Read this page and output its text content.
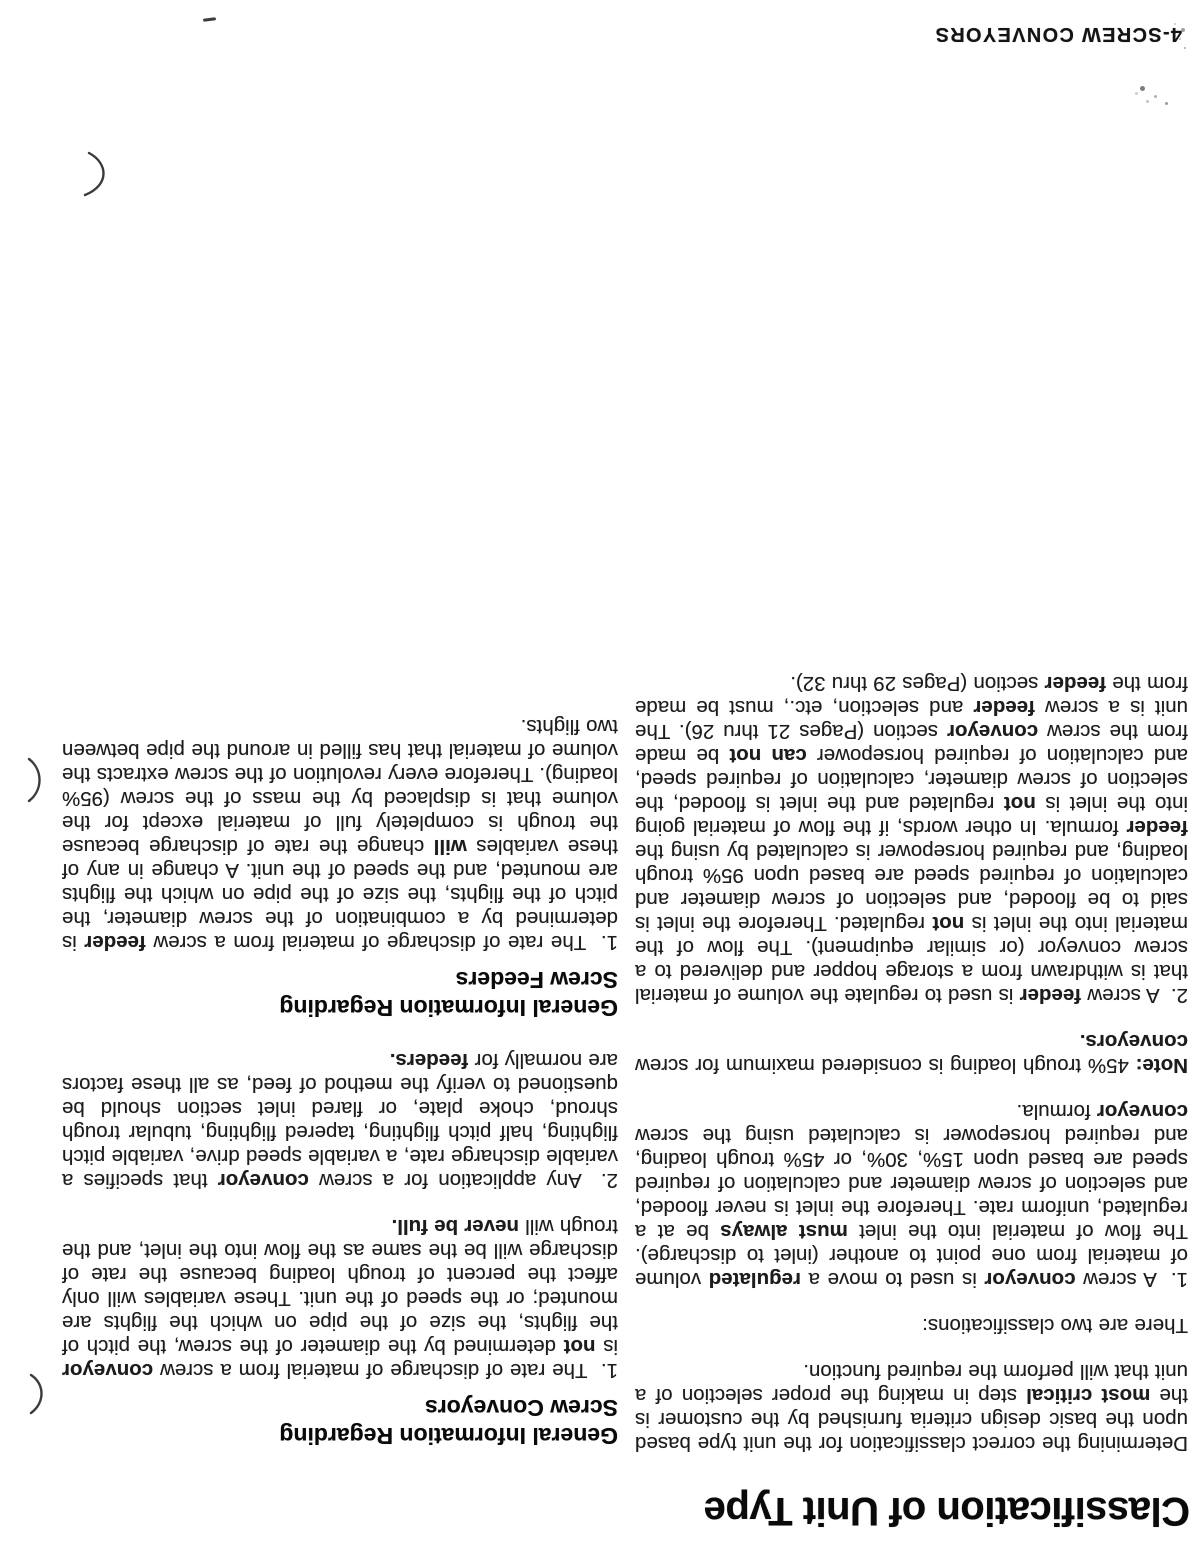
Classification of Unit Type

Determining the correct classification for the unit type based upon the basic design criteria furnished by the customer is the most critical step in making the proper selection of a unit that will perform the required function.

There are two classifications:

1.  A screw conveyor is used to move a regulated volume of material from one point to another (inlet to discharge). The flow of material into the inlet must always be at a regulated, uniform rate. Therefore the inlet is never flooded, and selection of screw diameter and calculation of required speed are based upon 15%, 30%, or 45% trough loading, and required horsepower is calculated using the screw conveyor formula.

Note: 45% trough loading is considered maximum for screw conveyors.

2.  A screw feeder is used to regulate the volume of material that is withdrawn from a storage hopper and delivered to a screw conveyor (or similar equipment). The flow of the material into the inlet is not regulated. Therefore the inlet is said to be flooded, and selection of screw diameter and calculation of required speed are based upon 95% trough loading, and required horsepower is calculated by using the feeder formula. In other words, if the flow of material going into the inlet is not regulated and the inlet is flooded, the selection of screw diameter, calculation of required speed, and calculation of required horsepower can not be made from the screw conveyor section (Pages 21 thru 26). The unit is a screw feeder and selection, etc., must be made from the feeder section (Pages 29 thru 32).

General Information Regarding
Screw Conveyors

1.  The rate of discharge of material from a screw conveyor is not determined by the diameter of the screw, the pitch of the flights, the size of the pipe on which the flights are mounted; or the speed of the unit. These variables will only affect the percent of trough loading because the rate of discharge will be the same as the flow into the inlet, and the trough will never be full.

2.  Any application for a screw conveyor that specifies a variable discharge rate, a variable speed drive, variable pitch flighting, half pitch flighting, tapered flighting, tubular trough shroud, choke plate, or flared inlet section should be questioned to verify the method of feed, as all these factors are normally for feeders.

General Information Regarding
Screw Feeders

1.  The rate of discharge of material from a screw feeder is determined by a combination of the screw diameter, the pitch of the flights, the size of the pipe on which the flights are mounted, and the speed of the unit. A change in any of these variables will change the rate of discharge because the trough is completely full of material except for the volume that is displaced by the mass of the screw (95% loading). Therefore every revolution of the screw extracts the volume of material that has filled in around the pipe between two flights.

4-SCREW CONVEYORS
